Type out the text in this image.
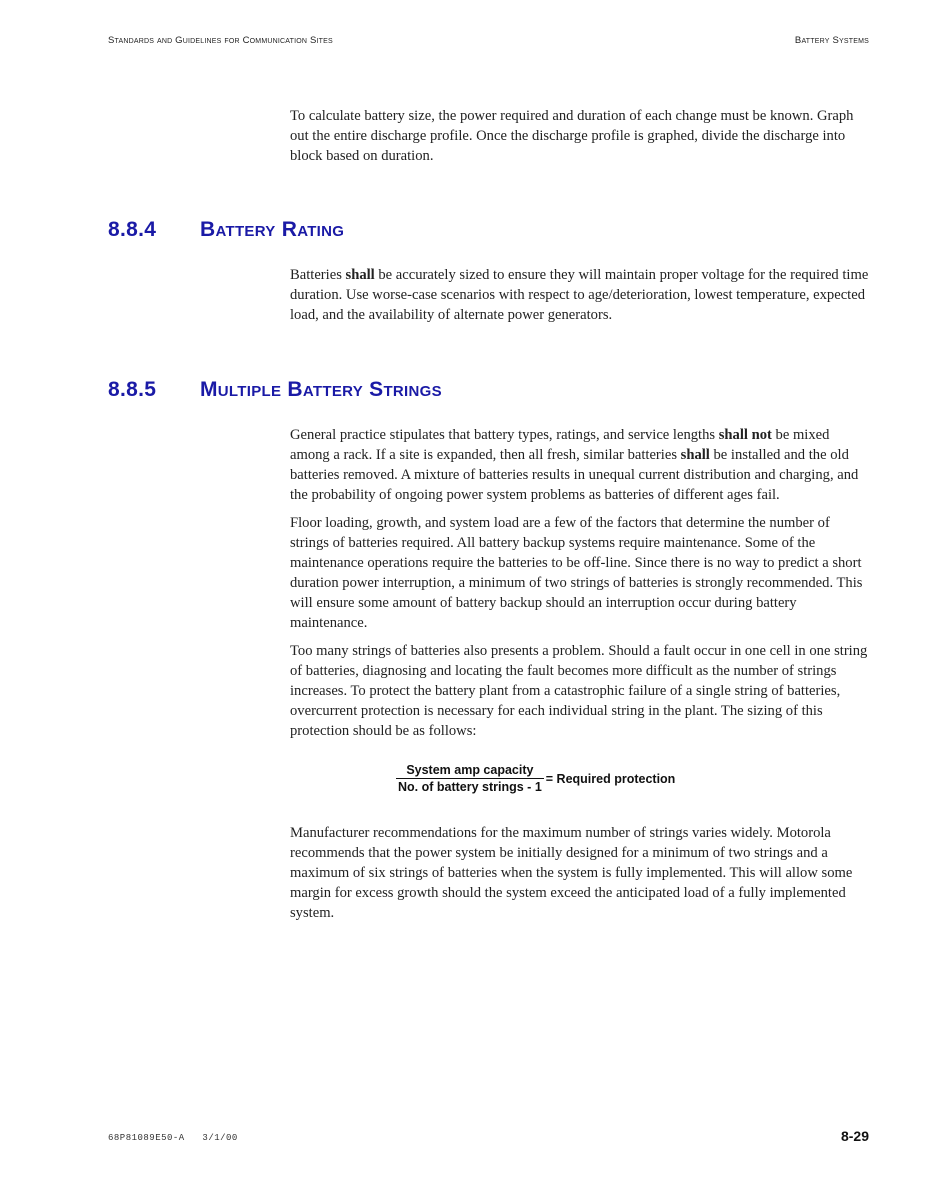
Standards and Guidelines for Communication Sites	Battery Systems

To calculate battery size, the power required and duration of each change must be known. Graph out the entire discharge profile. Once the discharge profile is graphed, divide the discharge into block based on duration.

8.8.4 Battery Rating

Batteries shall be accurately sized to ensure they will maintain proper voltage for the required time duration. Use worse-case scenarios with respect to age/deterioration, lowest temperature, expected load, and the availability of alternate power generators.

8.8.5 Multiple Battery Strings

General practice stipulates that battery types, ratings, and service lengths shall not be mixed among a rack. If a site is expanded, then all fresh, similar batteries shall be installed and the old batteries removed. A mixture of batteries results in unequal current distribution and charging, and the probability of ongoing power system problems as batteries of different ages fail.

Floor loading, growth, and system load are a few of the factors that determine the number of strings of batteries required. All battery backup systems require maintenance. Some of the maintenance operations require the batteries to be off-line. Since there is no way to predict a short duration power interruption, a minimum of two strings of batteries is strongly recommended. This will ensure some amount of battery backup should an interruption occur during battery maintenance.

Too many strings of batteries also presents a problem. Should a fault occur in one cell in one string of batteries, diagnosing and locating the fault becomes more difficult as the number of strings increases. To protect the battery plant from a catastrophic failure of a single string of batteries, overcurrent protection is necessary for each individual string in the plant. The sizing of this protection should be as follows:

$\frac{\text{System amp capacity}}{\text{No. of battery strings - 1}}$ = Required protection

Manufacturer recommendations for the maximum number of strings varies widely. Motorola recommends that the power system be initially designed for a minimum of two strings and a maximum of six strings of batteries when the system is fully implemented. This will allow some margin for excess growth should the system exceed the anticipated load of a fully implemented system.

68P81089E50-A   3/1/00	8-29
